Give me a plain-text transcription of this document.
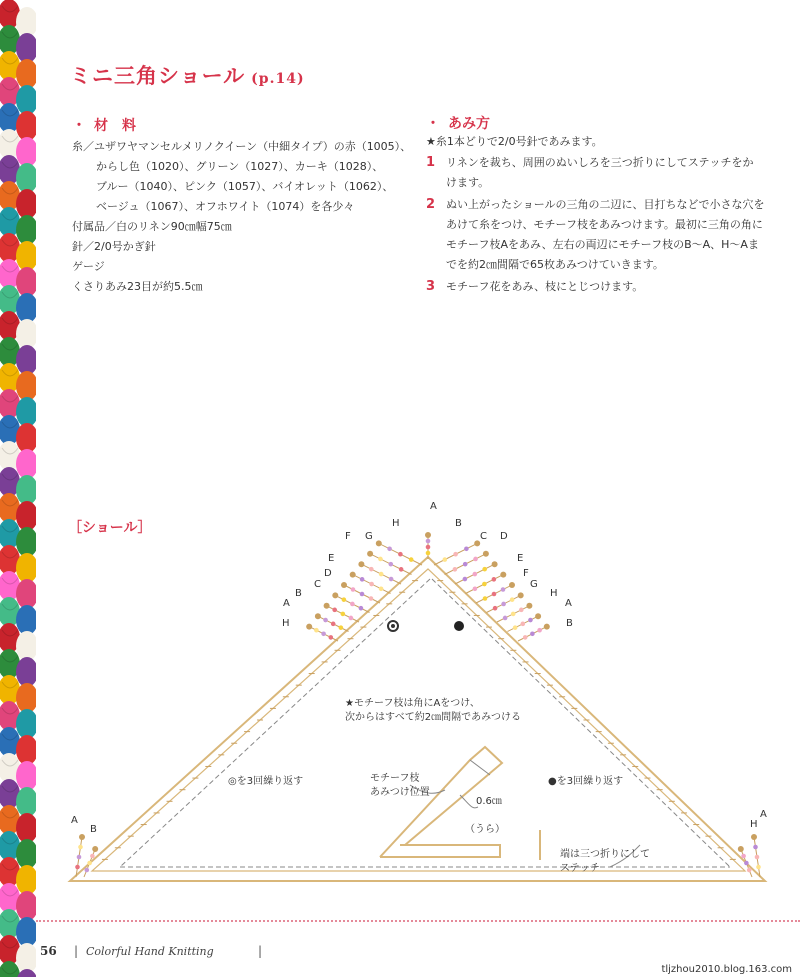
ミニ三角ショール (p.14)
・ 材　料
糸／ユザワヤマンセルメリノクイーン（中細タイプ）の赤（1005）、
からし色（1020）、グリーン（1027）、カーキ（1028）、
ブルー（1040）、ピンク（1057）、バイオレット（1062）、
ベージュ（1067）、オフホワイト（1074）を各少々
付属品／白のリネン90㎝幅75㎝
針／2/0号かぎ針
ゲージ
くさりあみ23目が約5.5㎝
・ あみ方
★糸1本どりで2/0号針であみます。
1 リネンを裁ち、周囲のぬいしろを三つ折りにしてステッチをか
けます。
2 ぬい上がったショールの三角の二辺に、目打ちなどで小さな穴を
あけて糸をつけ、モチーフ枝をあみつけます。最初に三角の角に
モチーフ枝Aをあみ、左右の両辺にモチーフ枝のB〜A、H〜Aま
でを約2㎝間隔で65枚あみつけていきます。
3 モチーフ花をあみ、枝にとじつけます。
［ショール］
A
H
G
F
E
D
C
B
A
H
B
C D
E
F
G
H
A
B
A
B	H
A
★モチーフ枝は角にAをつけ、
次からはすべて約2㎝間隔であみつける
◎を3回繰り返す	●を3回繰り返す
モチーフ枝
あみつけ位置
0.6㎝
（うら）
端は三つ折りにして
ステッチ
56 | Colorful Hand Knitting	|
tljzhou2010.blog.163.com
